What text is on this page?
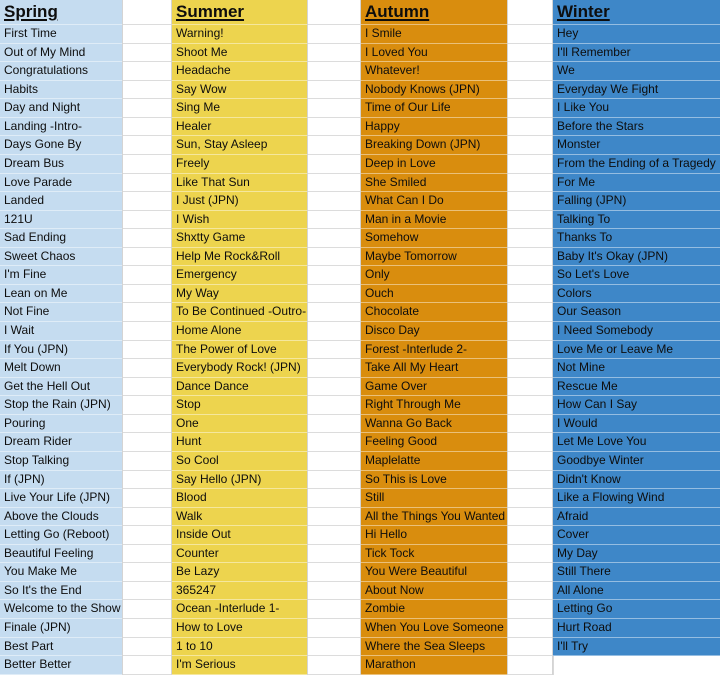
Spring
First Time
Out of My Mind
Congratulations
Habits
Day and Night
Landing -Intro-
Days Gone By
Dream Bus
Love Parade
Landed
121U
Sad Ending
Sweet Chaos
I'm Fine
Lean on Me
Not Fine
I Wait
If You (JPN)
Melt Down
Get the Hell Out
Stop the Rain (JPN)
Pouring
Dream Rider
Stop Talking
If (JPN)
Live Your Life (JPN)
Above the Clouds
Letting Go (Reboot)
Beautiful Feeling
You Make Me
So It's the End
Welcome to the Show
Finale (JPN)
Best Part
Better Better
Summer
Warning!
Shoot Me
Headache
Say Wow
Sing Me
Healer
Sun, Stay Asleep
Freely
Like That Sun
I Just (JPN)
I Wish
Shxtty Game
Help Me Rock&Roll
Emergency
My Way
To Be Continued -Outro-
Home Alone
The Power of Love
Everybody Rock! (JPN)
Dance Dance
Stop
One
Hunt
So Cool
Say Hello (JPN)
Blood
Walk
Inside Out
Counter
Be Lazy
365247
Ocean -Interlude 1-
How to Love
1 to 10
I'm Serious
Autumn
I Smile
I Loved You
Whatever!
Nobody Knows (JPN)
Time of Our Life
Happy
Breaking Down (JPN)
Deep in Love
She Smiled
What Can I Do
Man in a Movie
Somehow
Maybe Tomorrow
Only
Ouch
Chocolate
Disco Day
Forest -Interlude 2-
Take All My Heart
Game Over
Right Through Me
Wanna Go Back
Feeling Good
Maplelatte
So This is Love
Still
All the Things You Wanted
Hi Hello
Tick Tock
You Were Beautiful
About Now
Zombie
When You Love Someone
Where the Sea Sleeps
Marathon
Winter
Hey
I'll Remember
We
Everyday We Fight
I Like You
Before the Stars
Monster
From the Ending of a Tragedy
For Me
Falling (JPN)
Talking To
Thanks To
Baby It's Okay (JPN)
So Let's Love
Colors
Our Season
I Need Somebody
Love Me or Leave Me
Not Mine
Rescue Me
How Can I Say
I Would
Let Me Love You
Goodbye Winter
Didn't Know
Like a Flowing Wind
Afraid
Cover
My Day
Still There
All Alone
Letting Go
Hurt Road
I'll Try
